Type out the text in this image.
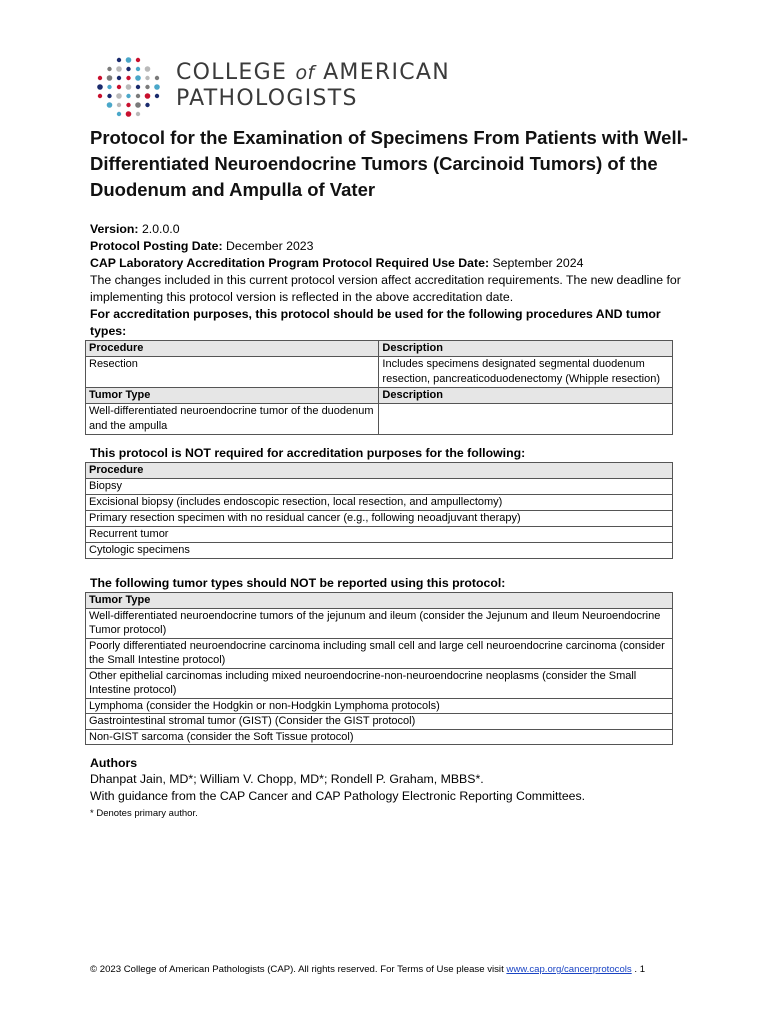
COLLEGE of AMERICAN
PATHOLOGISTS
Protocol for the Examination of Specimens From Patients with Well-Differentiated Neuroendocrine Tumors (Carcinoid Tumors) of the Duodenum and Ampulla of Vater
Version: 2.0.0.0
Protocol Posting Date: December 2023
CAP Laboratory Accreditation Program Protocol Required Use Date: September 2024
The changes included in this current protocol version affect accreditation requirements. The new deadline for implementing this protocol version is reflected in the above accreditation date.
For accreditation purposes, this protocol should be used for the following procedures AND tumor types:
Procedure	Description
Resection	Includes specimens designated segmental duodenum resection, pancreaticoduodenectomy (Whipple resection)
Tumor Type	Description
Well-differentiated neuroendocrine tumor of the duodenum and the ampulla	
This protocol is NOT required for accreditation purposes for the following:
Procedure
Biopsy
Excisional biopsy (includes endoscopic resection, local resection, and ampullectomy)
Primary resection specimen with no residual cancer (e.g., following neoadjuvant therapy)
Recurrent tumor
Cytologic specimens
The following tumor types should NOT be reported using this protocol:
Tumor Type
Well-differentiated neuroendocrine tumors of the jejunum and ileum (consider the Jejunum and Ileum Neuroendocrine Tumor protocol)
Poorly differentiated neuroendocrine carcinoma including small cell and large cell neuroendocrine carcinoma (consider the Small Intestine protocol)
Other epithelial carcinomas including mixed neuroendocrine-non-neuroendocrine neoplasms (consider the Small Intestine protocol)
Lymphoma (consider the Hodgkin or non-Hodgkin Lymphoma protocols)
Gastrointestinal stromal tumor (GIST) (Consider the GIST protocol)
Non-GIST sarcoma (consider the Soft Tissue protocol)
Authors
Dhanpat Jain, MD*; William V. Chopp, MD*; Rondell P. Graham, MBBS*.
With guidance from the CAP Cancer and CAP Pathology Electronic Reporting Committees.
* Denotes primary author.
© 2023 College of American Pathologists (CAP). All rights reserved. For Terms of Use please visit www.cap.org/cancerprotocols . 1
